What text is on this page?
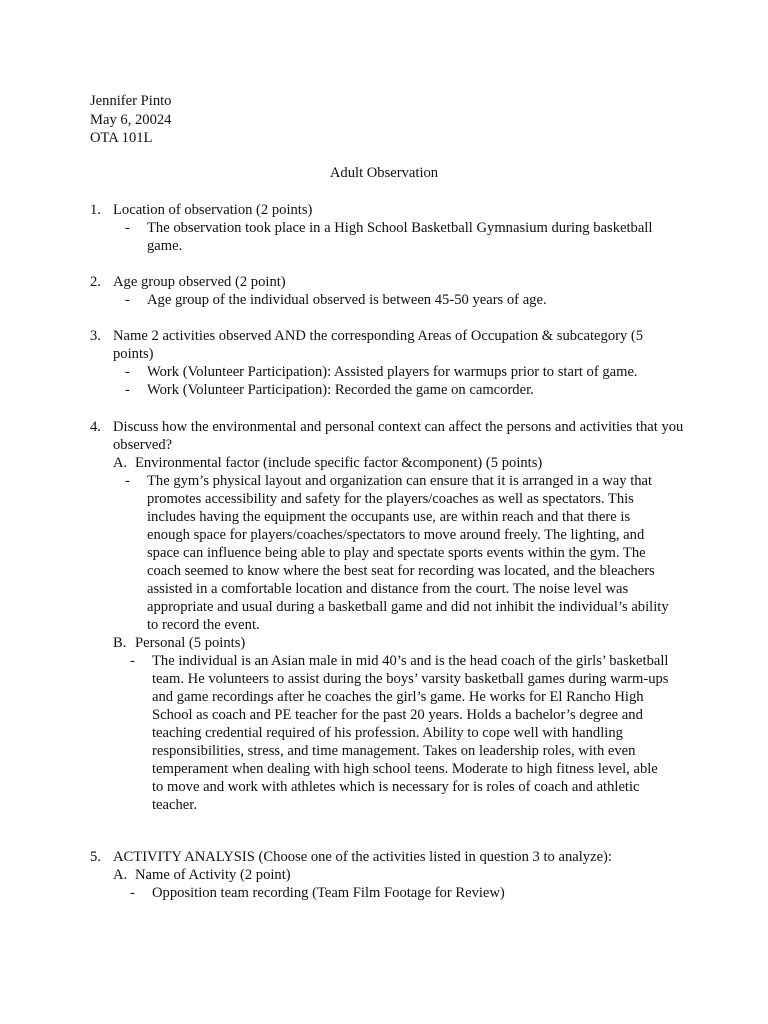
Jennifer Pinto
May 6, 20024
OTA 101L
Adult Observation
1. Location of observation (2 points)
- The observation took place in a High School Basketball Gymnasium during basketball game.
2. Age group observed (2 point)
- Age group of the individual observed is between 45-50 years of age.
3. Name 2 activities observed AND the corresponding Areas of Occupation & subcategory (5 points)
- Work (Volunteer Participation): Assisted players for warmups prior to start of game.
- Work (Volunteer Participation): Recorded the game on camcorder.
4. Discuss how the environmental and personal context can affect the persons and activities that you observed?
A. Environmental factor (include specific factor &component) (5 points)
- The gym’s physical layout and organization can ensure that it is arranged in a way that promotes accessibility and safety for the players/coaches as well as spectators. This includes having the equipment the occupants use, are within reach and that there is enough space for players/coaches/spectators to move around freely. The lighting, and space can influence being able to play and spectate sports events within the gym. The coach seemed to know where the best seat for recording was located, and the bleachers assisted in a comfortable location and distance from the court. The noise level was appropriate and usual during a basketball game and did not inhibit the individual’s ability to record the event.
B. Personal (5 points)
- The individual is an Asian male in mid 40’s and is the head coach of the girls’ basketball team. He volunteers to assist during the boys’ varsity basketball games during warm-ups and game recordings after he coaches the girl’s game. He works for El Rancho High School as coach and PE teacher for the past 20 years. Holds a bachelor’s degree and teaching credential required of his profession. Ability to cope well with handling responsibilities, stress, and time management. Takes on leadership roles, with even temperament when dealing with high school teens. Moderate to high fitness level, able to move and work with athletes which is necessary for is roles of coach and athletic teacher.
5. ACTIVITY ANALYSIS (Choose one of the activities listed in question 3 to analyze):
A. Name of Activity (2 point)
- Opposition team recording (Team Film Footage for Review)
